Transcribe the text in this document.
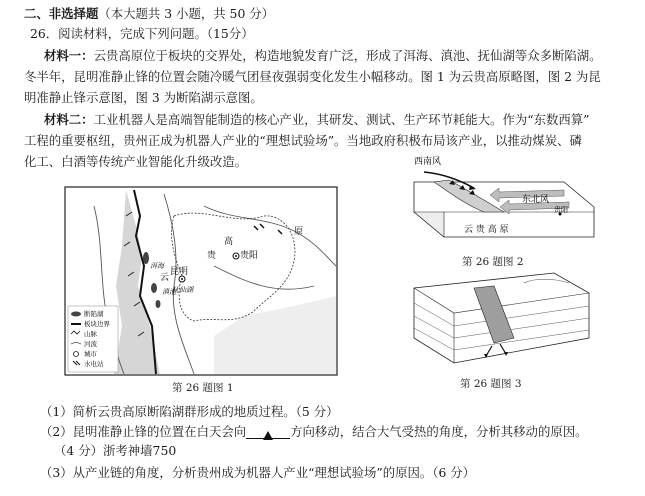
二、非选择题（本大题共 3 小题，共 50 分）
26．阅读材料，完成下列问题。（15分）
材料一：云贵高原位于板块的交界处，构造地貌发育广泛，形成了洱海、滇池、抚仙湖等众多断陷湖。
冬半年，昆明准静止锋的位置会随冷暖气团昼夜强弱变化发生小幅移动。图 1 为云贵高原略图，图 2 为昆
明准静止锋示意图，图 3 为断陷湖示意图。
材料二：工业机器人是高端智能制造的核心产业，其研发、测试、生产环节耗能大。作为“东数西算”
工程的重要枢纽，贵州正成为机器人产业的“理想试验场”。当地政府积极布局该产业，以推动煤炭、磷
化工、白酒等传统产业智能化升级改造。
贵
高
原
贵阳
云
昆明
洱海
滇池
抚仙湖
断陷湖
板块边界
山脉
河流
城市
水电站
第 26 题图 1
西南风
东北风
贵阳
云 贵 高 原
第 26 题图 2
第 26 题图 3
（1）简析云贵高原断陷湖群形成的地质过程。（5 分）
（2）昆明准静止锋的位置在白天会向	方向移动，结合大气受热的角度，分析其移动的原因。
（4 分）浙考神墙750
（3）从产业链的角度，分析贵州成为机器人产业“理想试验场”的原因。（6 分）
